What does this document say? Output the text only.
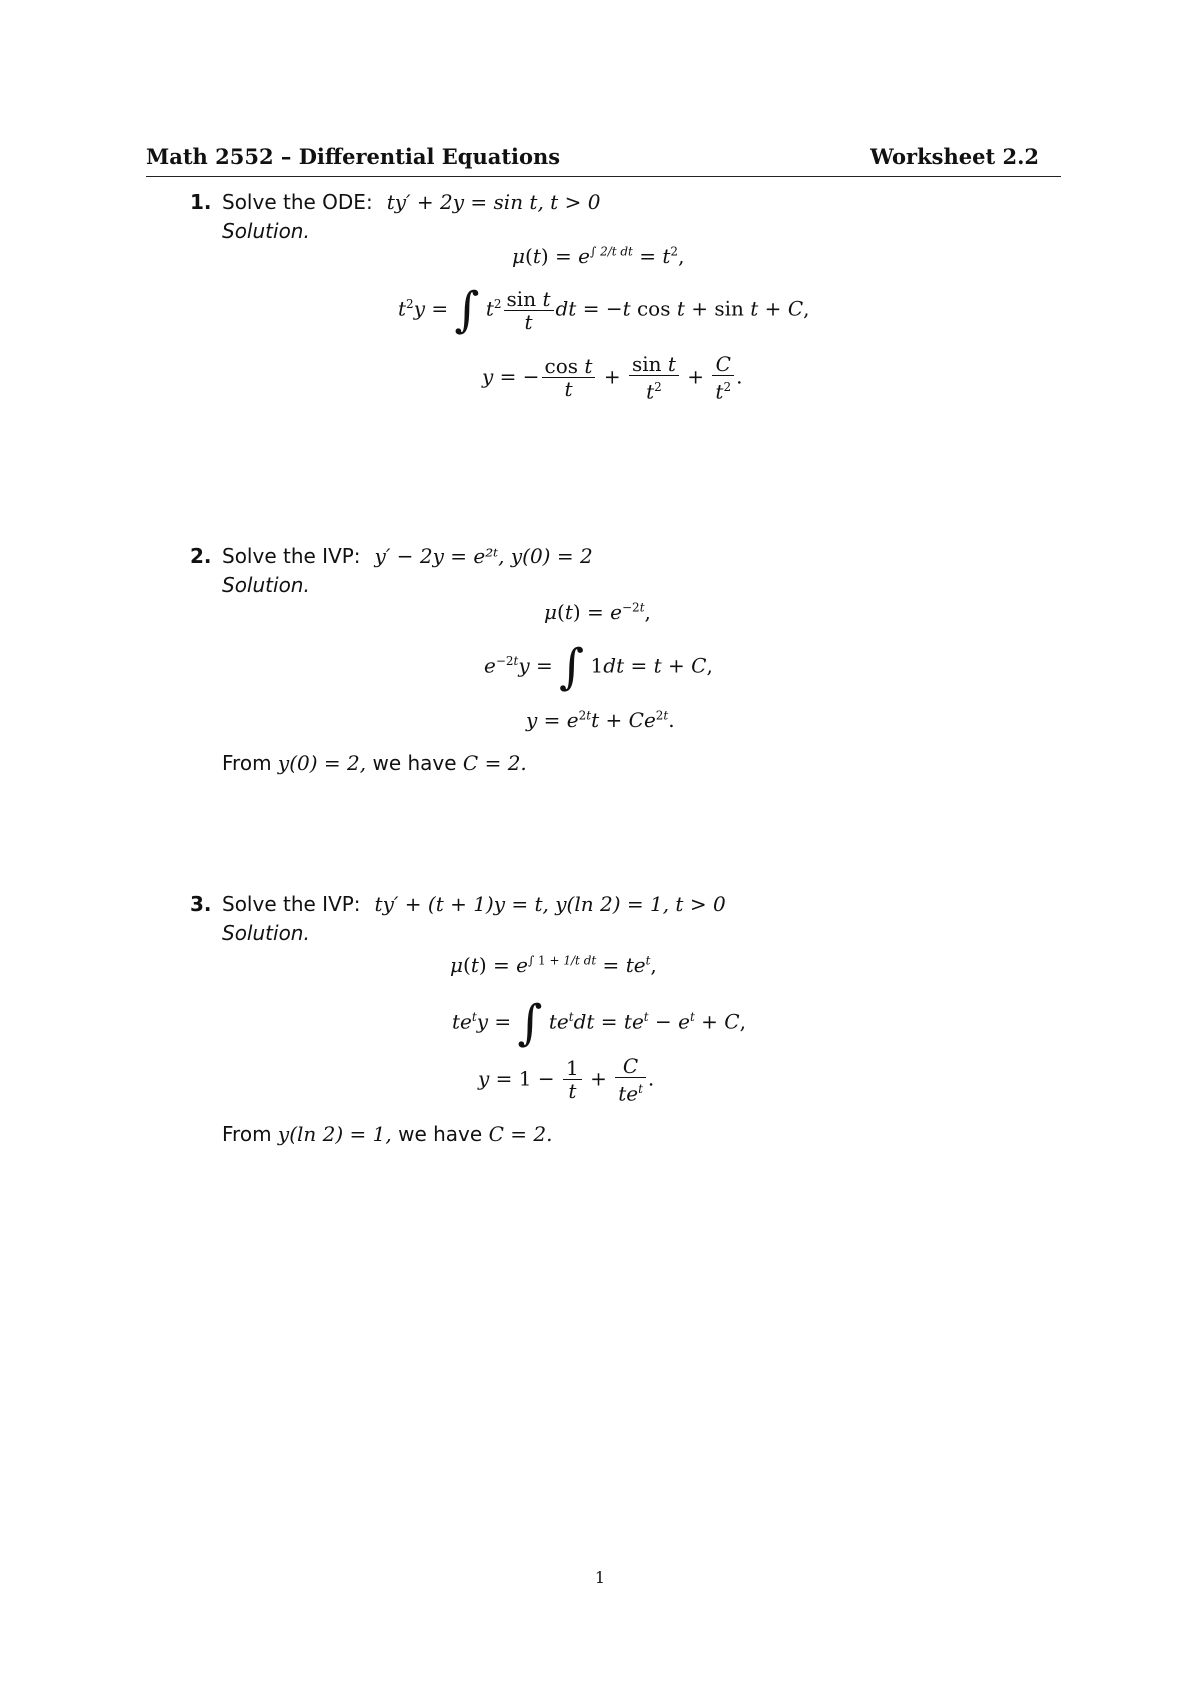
Math 2552 – Differential Equations	Worksheet 2.2
1. Solve the ODE: ty′ + 2y = sin t, t > 0
Solution.
$\mu(t) = e^{\int 2/t dt} = t^2$,
$t^2y$ = ∫ $t^2 \frac{\text{sin t}}{t}$ dt = −t cos t + sin t + C,
y = − $\frac{\text{cos t}}{t} + \frac{\text{sin t}}{t^2} + \frac{C}{t^2}$ .
2. Solve the IVP: y′ − 2y = e²ᵗ, y(0) = 2
Solution.
$\mu(t) = e^{-2t}$,
$e^{-2t}y$ = ∫ 1dt = t + C,
$y = e^{2t}t + Ce^{2t}$.
From y(0) = 2, we have C = 2.
3. Solve the IVP: ty′ + (t + 1)y = t, y(ln 2) = 1, t > 0
Solution.
$\mu(t) = e^{\int 1 + 1/t dt} = te^t$,
$te^ty$ = ∫ $te^tdt = te^t - e^t + C$,
$y = 1 - \frac{1}{t} + \frac{C}{te^t}$ .
From y(ln 2) = 1, we have C = 2.
1
